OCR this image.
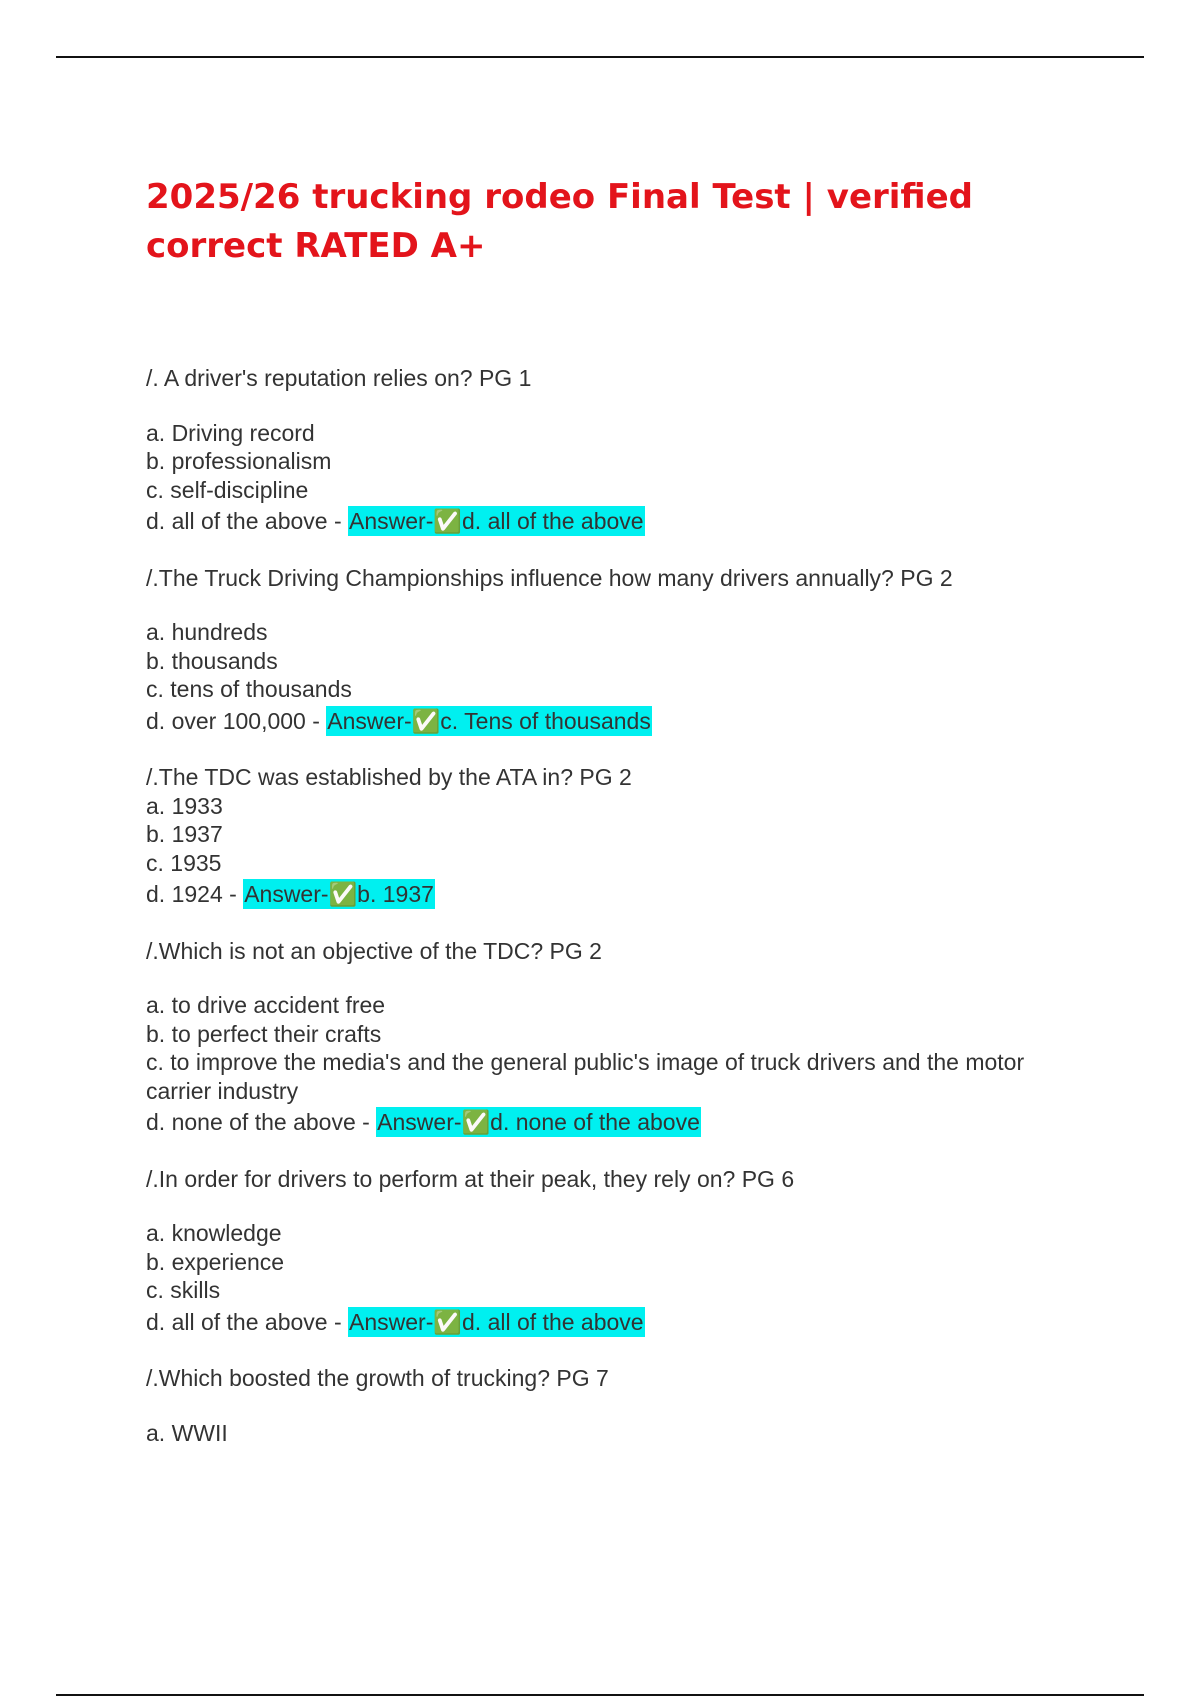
2025/26 trucking rodeo Final Test | verified correct RATED A+

/. A driver's reputation relies on? PG 1

a. Driving record
b. professionalism
c. self-discipline
d. all of the above - Answer-✅d. all of the above

/.The Truck Driving Championships influence how many drivers annually? PG 2

a. hundreds
b. thousands
c. tens of thousands
d. over 100,000 - Answer-✅c. Tens of thousands

/.The TDC was established by the ATA in? PG 2

a. 1933
b. 1937
c. 1935
d. 1924 - Answer-✅b. 1937

/.Which is not an objective of the TDC? PG 2

a. to drive accident free
b. to perfect their crafts
c. to improve the media's and the general public's image of truck drivers and the motor carrier industry
d. none of the above - Answer-✅d. none of the above

/.In order for drivers to perform at their peak, they rely on? PG 6

a. knowledge
b. experience
c. skills
d. all of the above - Answer-✅d. all of the above

/.Which boosted the growth of trucking? PG 7

a. WWII
